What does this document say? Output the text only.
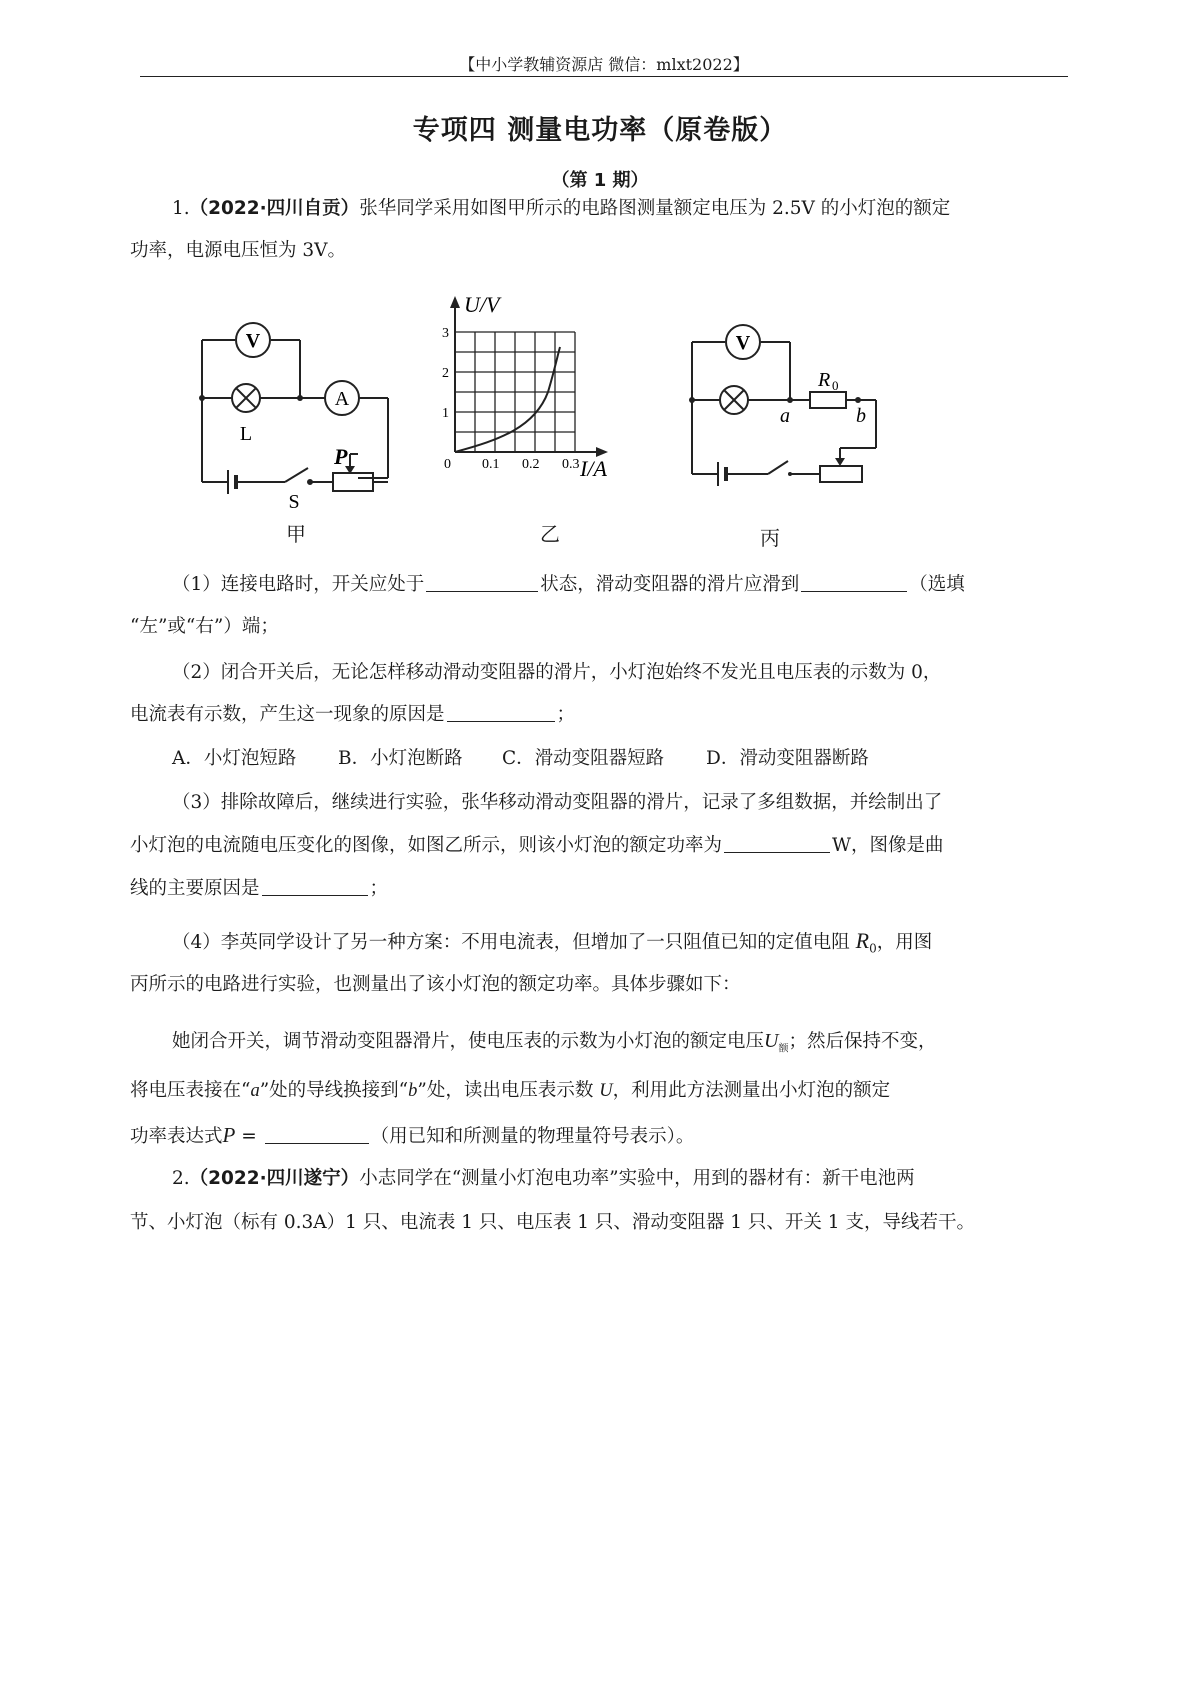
【中小学教辅资源店 微信：mlxt2022】
专项四 测量电功率（原卷版）
（第 1 期）
1.（2022·四川自贡）张华同学采用如图甲所示的电路图测量额定电压为 2.5V 的小灯泡的额定
功率，电源电压恒为 3V。
V
A
L
P
S
甲
U/V
I/A
0
1
2
3
0.1 0.2 0.3
乙
V
R 0
a	b
丙
（1）连接电路时，开关应处于	状态，滑动变阻器的滑片应滑到	（选填
“左”或“右”）端；
（2）闭合开关后，无论怎样移动滑动变阻器的滑片，小灯泡始终不发光且电压表的示数为 0，
电流表有示数，产生这一现象的原因是	；
A．小灯泡短路 B．小灯泡断路 C．滑动变阻器短路 D．滑动变阻器断路
（3）排除故障后，继续进行实验，张华移动滑动变阻器的滑片，记录了多组数据，并绘制出了
小灯泡的电流随电压变化的图像，如图乙所示，则该小灯泡的额定功率为	W，图像是曲
线的主要原因是	；
（4）李英同学设计了另一种方案：不用电流表，但增加了一只阻值已知的定值电阻 $R_0$，用图
丙所示的电路进行实验，也测量出了该小灯泡的额定功率。具体步骤如下：
她闭合开关，调节滑动变阻器滑片，使电压表的示数为小灯泡的额定电压$U_额$；然后保持不变，
将电压表接在“a”处的导线换接到“b”处，读出电压表示数 U，利用此方法测量出小灯泡的额定
功率表达式P =	（用已知和所测量的物理量符号表示）。
2.（2022·四川遂宁）小志同学在“测量小灯泡电功率”实验中，用到的器材有：新干电池两
节、小灯泡（标有 0.3A）1 只、电流表 1 只、电压表 1 只、滑动变阻器 1 只、开关 1 支，导线若干。
